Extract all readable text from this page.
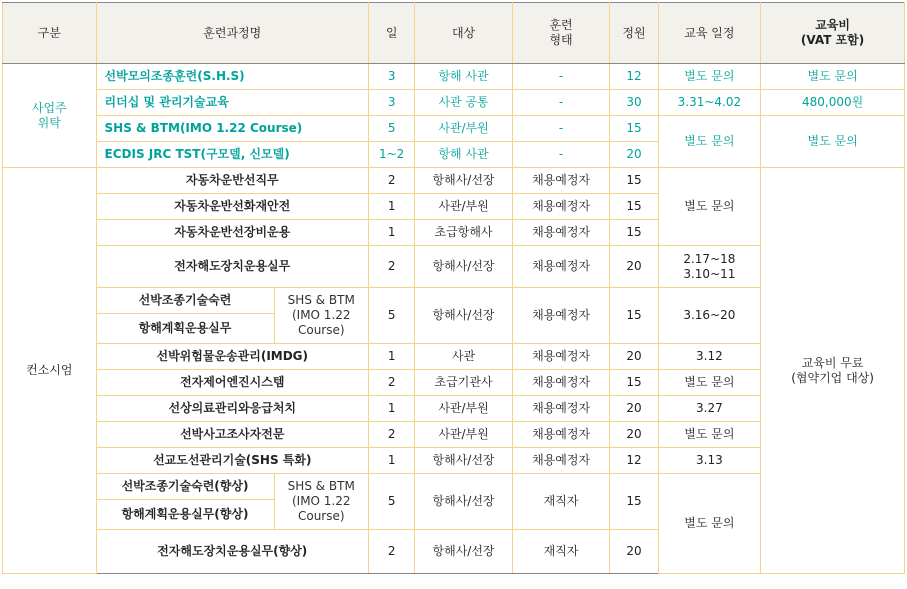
구분	훈련과정명		일	대상	훈련
형태	정원	교육 일정	교육비
(VAT 포함)
사업주
위탁	선박모의조종훈련(S.H.S)		3	항해 사관	-	12	별도 문의	별도 문의
	리더십 및 관리기술교육		3	사관 공통	-	30	3.31~4.02	480,000원
	SHS & BTM(IMO 1.22 Course)		5	사관/부원	-	15	별도 문의	별도 문의
	ECDIS JRC TST(구모델, 신모델)		1~2	항해 사관	-	20		
컨소시엄	자동차운반선직무		2	항해사/선장	채용예정자	15	별도 문의	교육비 무료
(협약기업 대상)
	자동차운반선화재안전		1	사관/부원	채용예정자	15		
	자동차운반선장비운용		1	초급항해사	채용예정자	15		
	전자해도장치운용실무		2	항해사/선장	채용예정자	20	2.17~18
3.10~11	
	선박조종기술숙련	SHS & BTM
(IMO 1.22
Course)	5	항해사/선장	채용예정자	15	3.16~20	
	항해계획운용실무							
	선박위험물운송관리(IMDG)		1	사관	채용예정자	20	3.12	
	전자제어엔진시스템		2	초급기관사	채용예정자	15	별도 문의	
	선상의료관리와응급처치		1	사관/부원	채용예정자	20	3.27	
	선박사고조사자전문		2	사관/부원	채용예정자	20	별도 문의	
	선교도선관리기술(SHS 특화)		1	항해사/선장	채용예정자	12	3.13	
	선박조종기술숙련(향상)	SHS & BTM
(IMO 1.22
Course)	5	항해사/선장	재직자	15	별도 문의	
	항해계획운용실무(향상)							
	전자해도장치운용실무(향상)		2	항해사/선장	재직자	20		
